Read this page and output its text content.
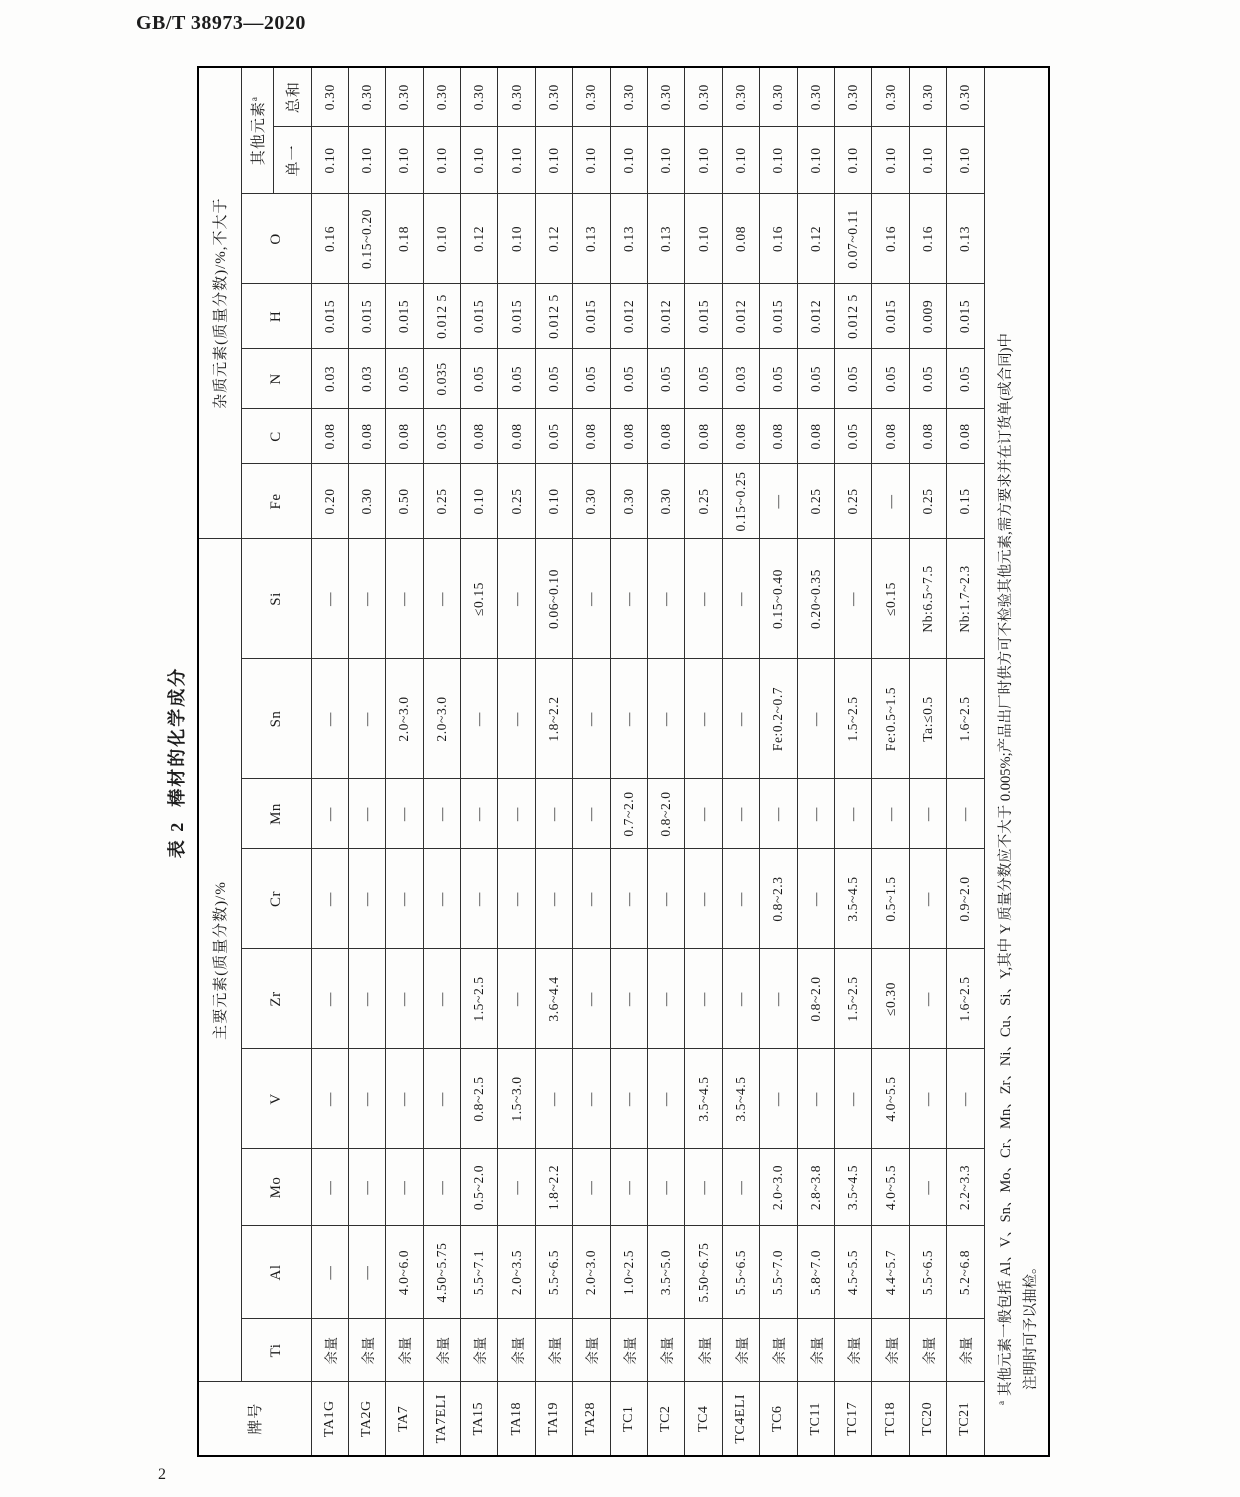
GB/T 38973—2020
表 2
棒材的化学成分
牌号	主要元素(质量分数)/%									杂质元素(质量分数)/%,不大于						
	Ti	Al	Mo	V	Zr	Cr	Mn	Sn	Si	Fe	C	N	H	O	其他元素$^a$
															单一	总和
TA1G	余量	—	—	—	—	—	—	—	—	0.20	0.08	0.03	0.015	0.16	0.10	0.30
TA2G	余量	—	—	—	—	—	—	—	—	0.30	0.08	0.03	0.015	0.15~0.20	0.10	0.30
TA7	余量	4.0~6.0	—	—	—	—	—	2.0~3.0	—	0.50	0.08	0.05	0.015	0.18	0.10	0.30
TA7ELI	余量	4.50~5.75	—	—	—	—	—	2.0~3.0	—	0.25	0.05	0.035	0.012 5	0.10	0.10	0.30
TA15	余量	5.5~7.1	0.5~2.0	0.8~2.5	1.5~2.5	—	—	—	≤0.15	0.10	0.08	0.05	0.015	0.12	0.10	0.30
TA18	余量	2.0~3.5	—	1.5~3.0	—	—	—	—	—	0.25	0.08	0.05	0.015	0.10	0.10	0.30
TA19	余量	5.5~6.5	1.8~2.2	—	3.6~4.4	—	—	1.8~2.2	0.06~0.10	0.10	0.05	0.05	0.012 5	0.12	0.10	0.30
TA28	余量	2.0~3.0	—	—	—	—	—	—	—	0.30	0.08	0.05	0.015	0.13	0.10	0.30
TC1	余量	1.0~2.5	—	—	—	—	0.7~2.0	—	—	0.30	0.08	0.05	0.012	0.13	0.10	0.30
TC2	余量	3.5~5.0	—	—	—	—	0.8~2.0	—	—	0.30	0.08	0.05	0.012	0.13	0.10	0.30
TC4	余量	5.50~6.75	—	3.5~4.5	—	—	—	—	—	0.25	0.08	0.05	0.015	0.10	0.10	0.30
TC4ELI	余量	5.5~6.5	—	3.5~4.5	—	—	—	—	—	0.15~0.25	0.08	0.03	0.012	0.08	0.10	0.30
TC6	余量	5.5~7.0	2.0~3.0	—	—	0.8~2.3	—	Fe:0.2~0.7	0.15~0.40	—	0.08	0.05	0.015	0.16	0.10	0.30
TC11	余量	5.8~7.0	2.8~3.8	—	0.8~2.0	—	—	—	0.20~0.35	0.25	0.08	0.05	0.012	0.12	0.10	0.30
TC17	余量	4.5~5.5	3.5~4.5	—	1.5~2.5	3.5~4.5	—	1.5~2.5	—	0.25	0.05	0.05	0.012 5	0.07~0.11	0.10	0.30
TC18	余量	4.4~5.7	4.0~5.5	4.0~5.5	≤0.30	0.5~1.5	—	Fe:0.5~1.5	≤0.15	—	0.08	0.05	0.015	0.16	0.10	0.30
TC20	余量	5.5~6.5	—	—	—	—	—	Ta:≤0.5	Nb:6.5~7.5	0.25	0.08	0.05	0.009	0.16	0.10	0.30
TC21	余量	5.2~6.8	2.2~3.3	—	1.6~2.5	0.9~2.0	—	1.6~2.5	Nb:1.7~2.3	0.15	0.08	0.05	0.015	0.13	0.10	0.30

$^a$其他元素一般包括 Al、V、Sn、Mo、Cr、Mn、Zr、Ni、Cu、Si、Y,其中 Y 质量分数应不大于 0.005%;产品出厂时供方可不检验其他元素,需方要求并在订货单(或合同)中 注明时可予以抽检。																
2
